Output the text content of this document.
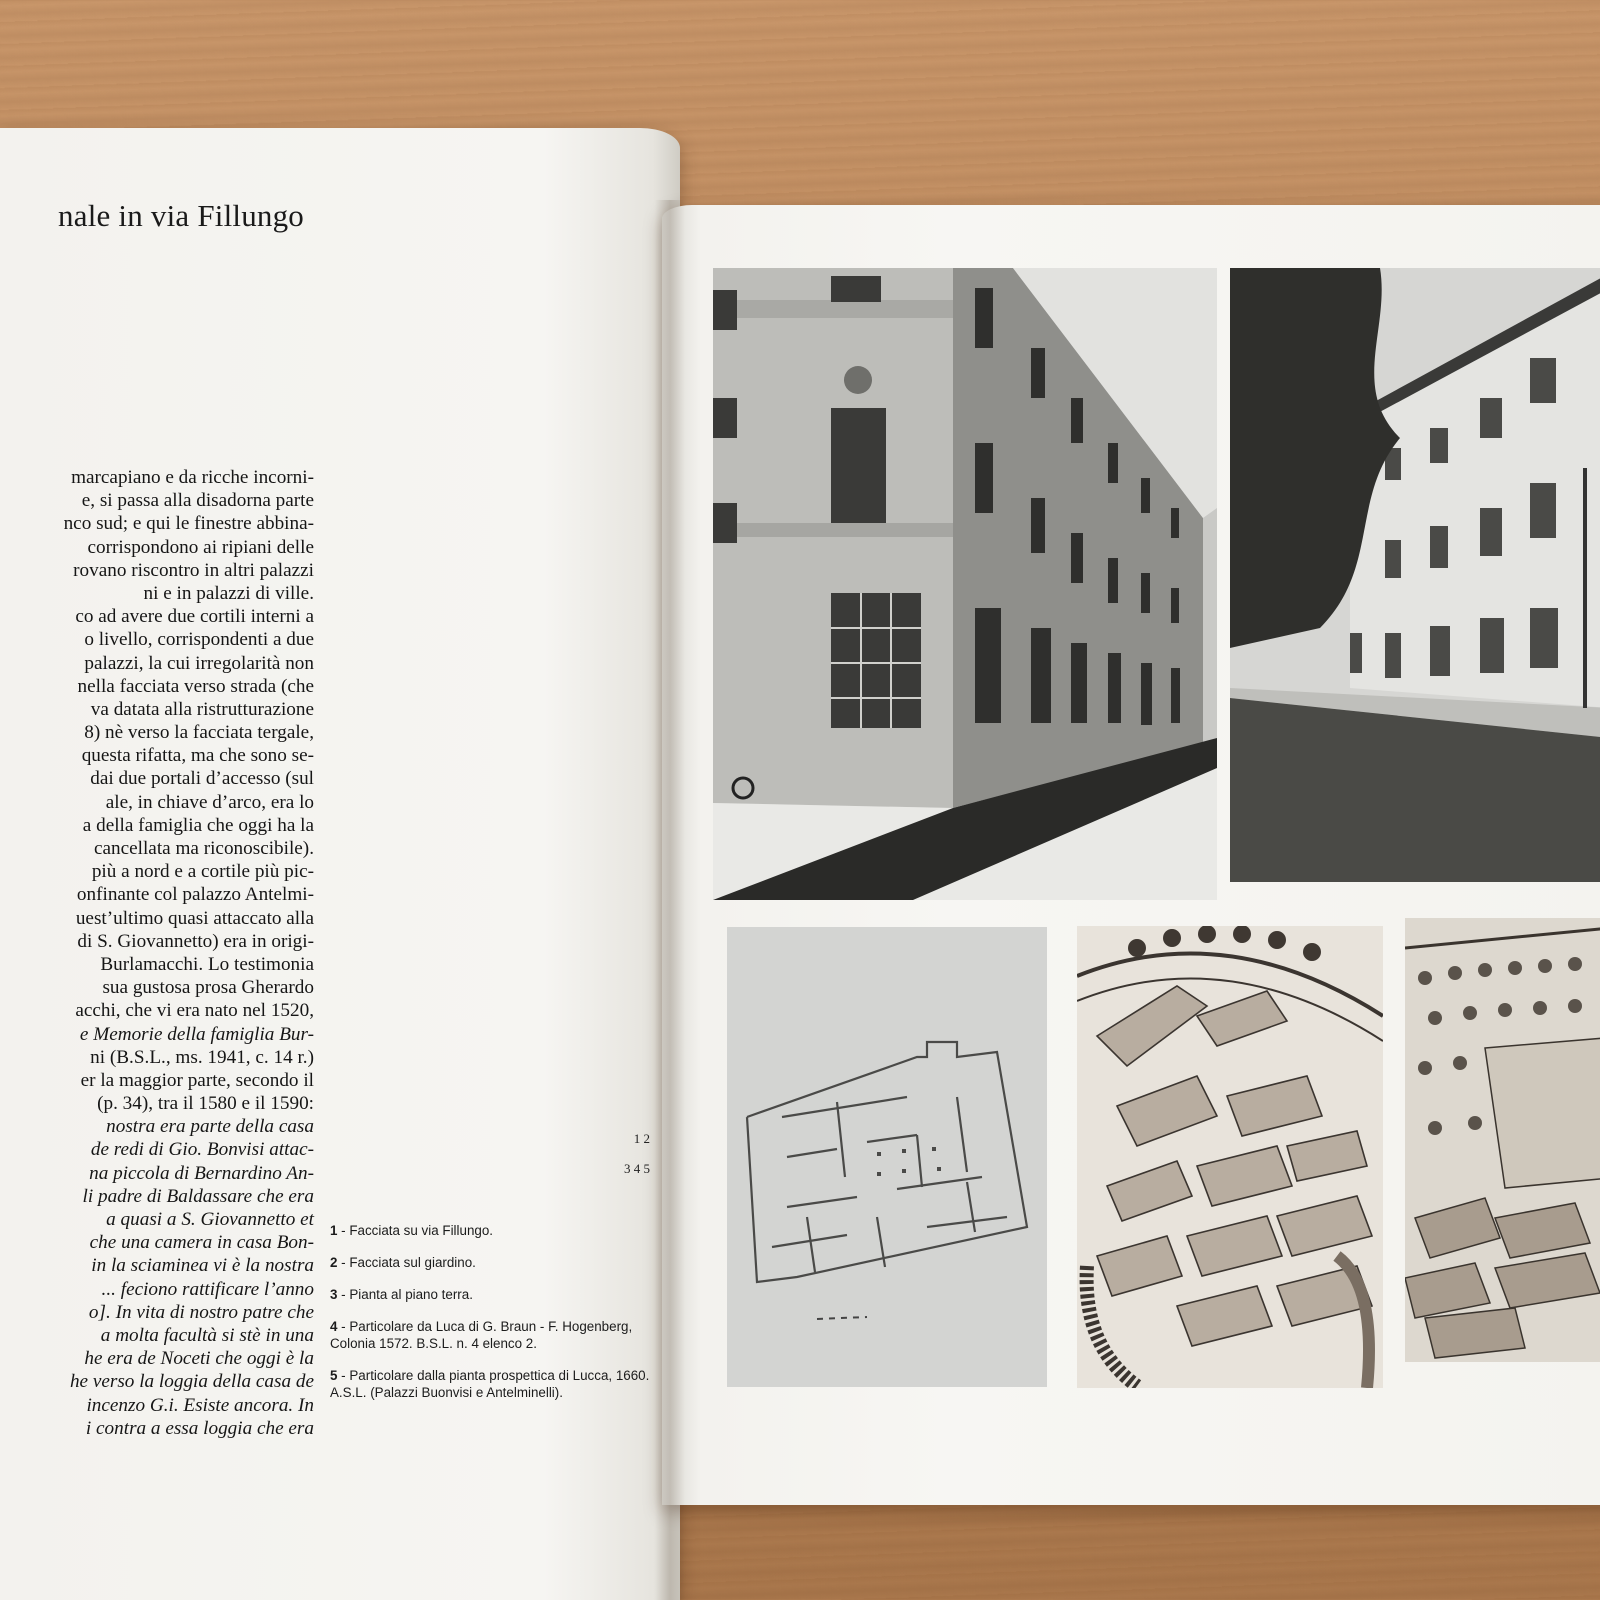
nale in via Fillungo
marcapiano e da ricche incorni-
e, si passa alla disadorna parte
nco sud; e qui le finestre abbina-
corrispondono ai ripiani delle
rovano riscontro in altri palazzi
ni e in palazzi di ville.
co ad avere due cortili interni a
o livello, corrispondenti a due
palazzi, la cui irregolarità non
nella facciata verso strada (che
va datata alla ristrutturazione
8) nè verso la facciata tergale,
questa rifatta, ma che sono se-
dai due portali d’accesso (sul
ale, in chiave d’arco, era lo
a della famiglia che oggi ha la
cancellata ma riconoscibile).
più a nord e a cortile più pic-
onfinante col palazzo Antelmi-
uest’ultimo quasi attaccato alla
di S. Giovannetto) era in origi-
Burlamacchi. Lo testimonia
sua gustosa prosa Gherardo
acchi, che vi era nato nel 1520,
e Memorie della famiglia Bur-
ni (B.S.L., ms. 1941, c. 14 r.)
er la maggior parte, secondo il
(p. 34), tra il 1580 e il 1590:
nostra era parte della casa
de redi di Gio. Bonvisi attac-
na piccola di Bernardino An-
li padre di Baldassare che era
a quasi a S. Giovannetto et
che una camera in casa Bon-
in la sciaminea vi è la nostra
... feciono rattificare l’anno
o]. In vita di nostro patre che
a molta facultà si stè in una
he era de Noceti che oggi è la
he verso la loggia della casa de
incenzo G.i. Esiste ancora. In
i contra a essa loggia che era
1 2
3 4 5
1 - Facciata su via Fillungo.
2 - Facciata sul giardino.
3 - Pianta al piano terra.
4 - Particolare da Luca di G. Braun - F. Hogenberg, Colonia 1572. B.S.L. n. 4 elenco 2.
5 - Particolare dalla pianta prospettica di Lucca, 1660. A.S.L. (Palazzi Buonvisi e Antelminelli).
